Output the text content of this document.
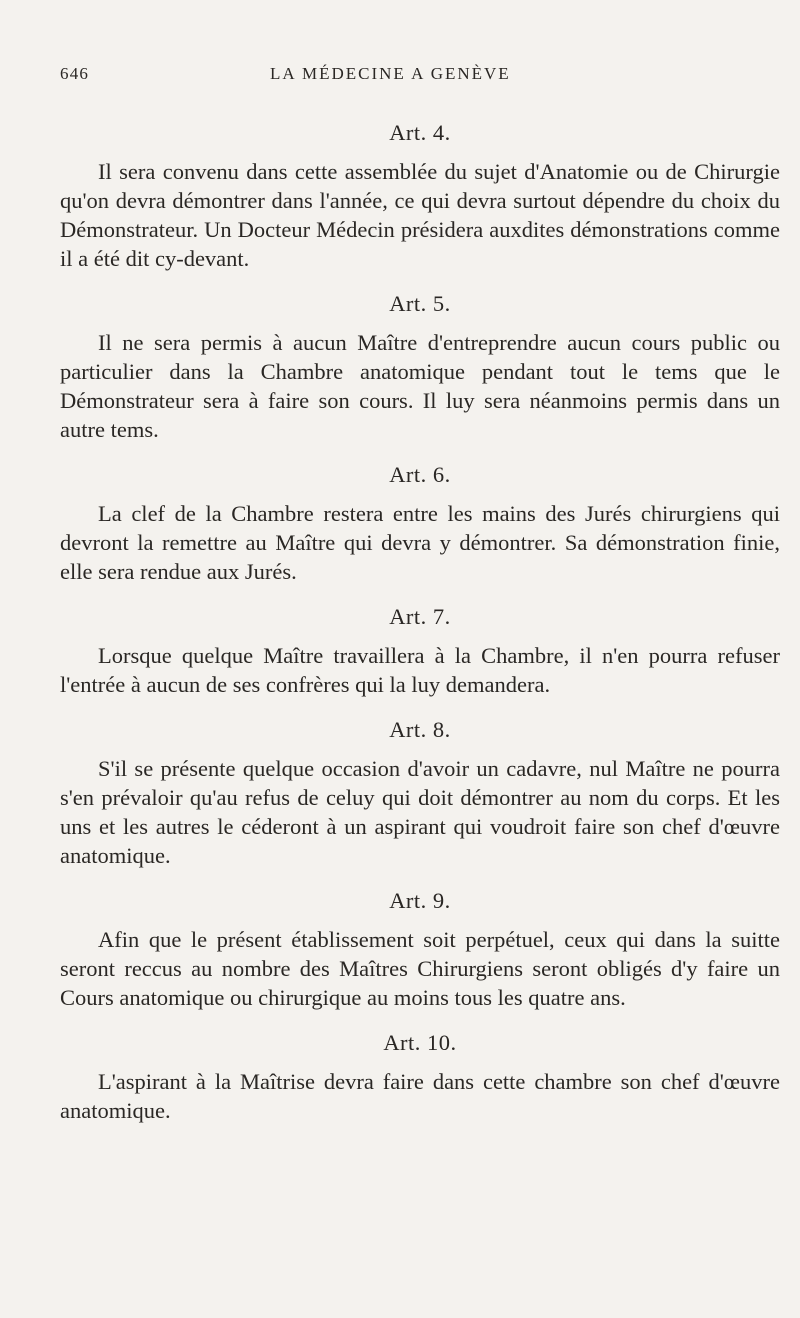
646	LA MÉDECINE A GENÈVE
Art. 4.

Il sera convenu dans cette assemblée du sujet d'Anatomie ou de Chirurgie qu'on devra démontrer dans l'année, ce qui devra surtout dépendre du choix du Démonstrateur. Un Docteur Médecin présidera auxdites démonstrations comme il a été dit cy-devant.

Art. 5.

Il ne sera permis à aucun Maître d'entreprendre aucun cours public ou particulier dans la Chambre anatomique pendant tout le tems que le Démonstrateur sera à faire son cours. Il luy sera néanmoins permis dans un autre tems.

Art. 6.

La clef de la Chambre restera entre les mains des Jurés chirurgiens qui devront la remettre au Maître qui devra y démontrer. Sa démonstration finie, elle sera rendue aux Jurés.

Art. 7.

Lorsque quelque Maître travaillera à la Chambre, il n'en pourra refuser l'entrée à aucun de ses confrères qui la luy demandera.

Art. 8.

S'il se présente quelque occasion d'avoir un cadavre, nul Maître ne pourra s'en prévaloir qu'au refus de celuy qui doit démontrer au nom du corps. Et les uns et les autres le céderont à un aspirant qui voudroit faire son chef d'œuvre anatomique.

Art. 9.

Afin que le présent établissement soit perpétuel, ceux qui dans la suitte seront reccus au nombre des Maîtres Chirurgiens seront obligés d'y faire un Cours anatomique ou chirurgique au moins tous les quatre ans.

Art. 10.

L'aspirant à la Maîtrise devra faire dans cette chambre son chef d'œuvre anatomique.
